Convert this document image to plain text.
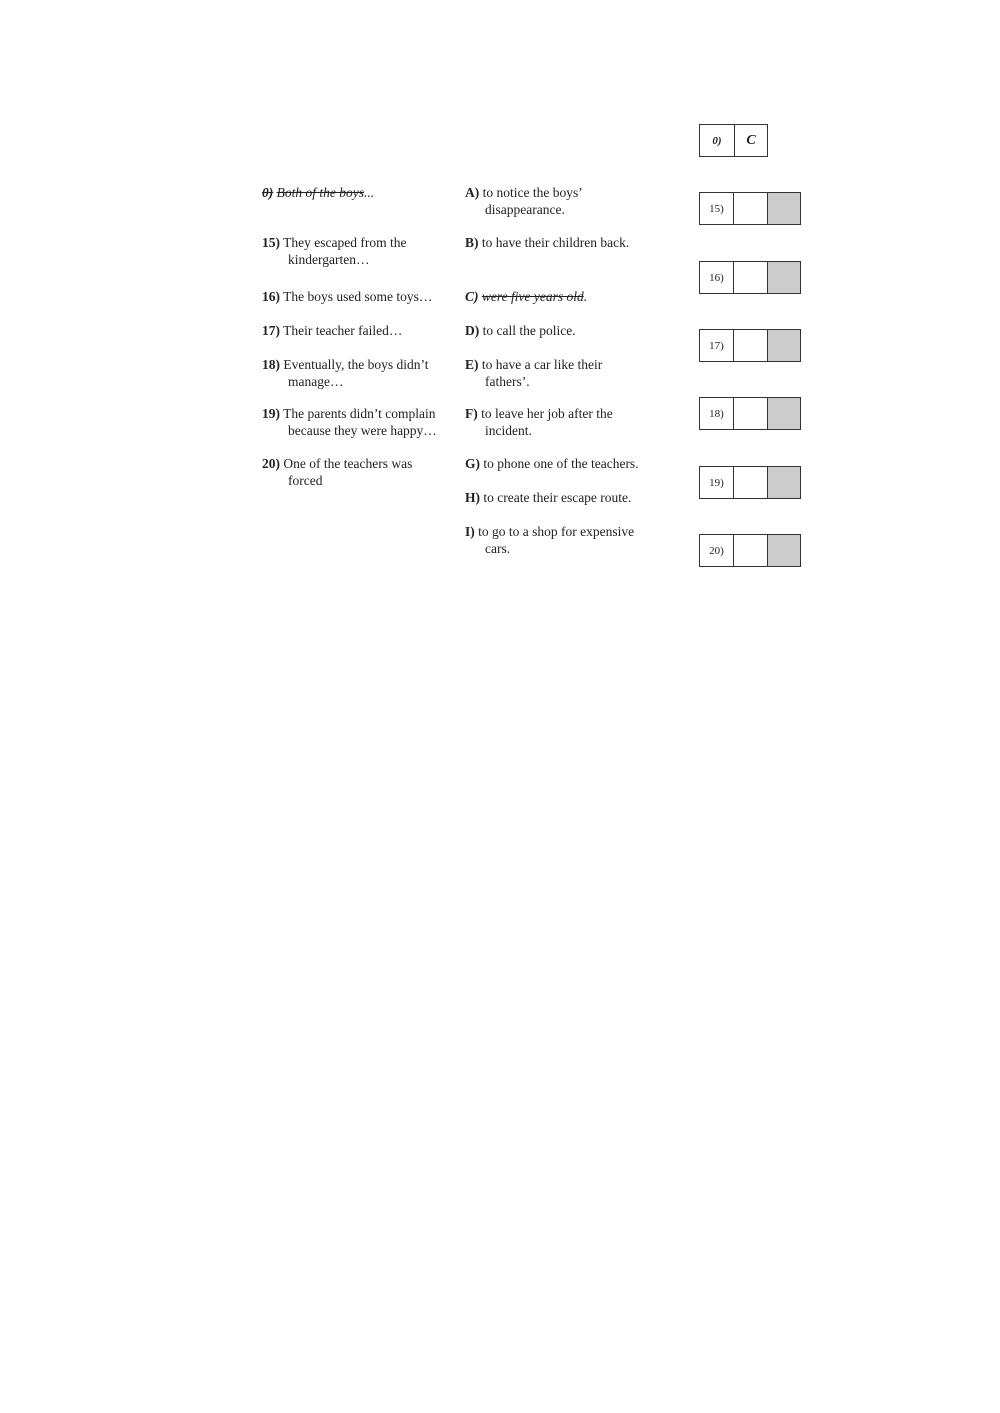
0)	C
0) Both of the boys...
15) They escaped from the
kindergarten…
16) The boys used some toys…
17) Their teacher failed…
18) Eventually, the boys didn’t
manage…
19) The parents didn’t complain
because they were happy…
20) One of the teachers was
forced
A) to notice the boys’
disappearance.
B) to have their children back.
C) were five years old.
D) to call the police.
E) to have a car like their
fathers’.
F) to leave her job after the
incident.
G) to phone one of the teachers.
H) to create their escape route.
I) to go to a shop for expensive
cars.
15)
16)
17)
18)
19)
20)
